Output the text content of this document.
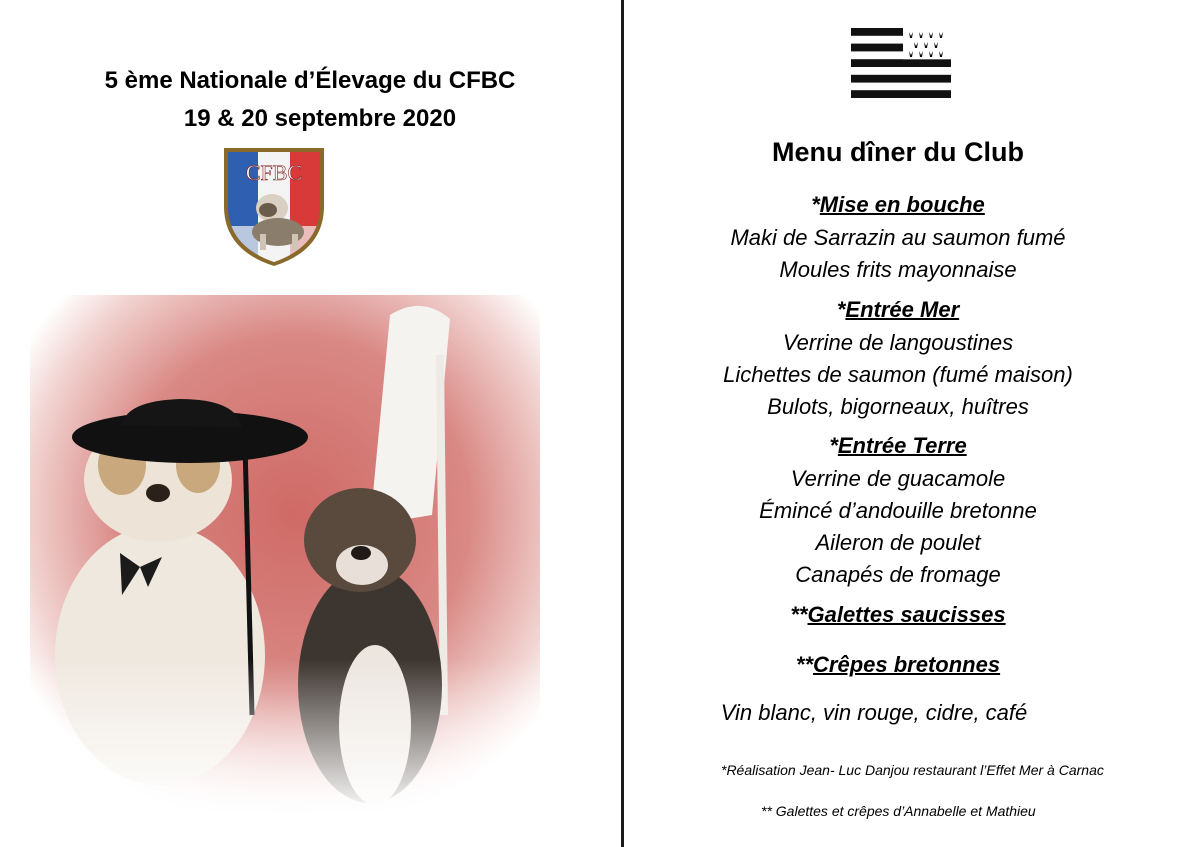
5 ème Nationale d’Élevage du CFBC
19 & 20 septembre 2020
CFBC
Menu dîner du Club
*Mise en bouche
Maki de Sarrazin au saumon fumé
Moules frits mayonnaise
*Entrée Mer
Verrine de langoustines
Lichettes de saumon (fumé maison)
Bulots, bigorneaux, huîtres
*Entrée Terre
Verrine de guacamole
Émincé d’andouille bretonne
Aileron de poulet
Canapés de fromage
**Galettes saucisses
**Crêpes bretonnes
Vin blanc, vin rouge, cidre, café
*Réalisation Jean- Luc Danjou restaurant l’Effet Mer à Carnac
** Galettes et crêpes d’Annabelle et Mathieu
